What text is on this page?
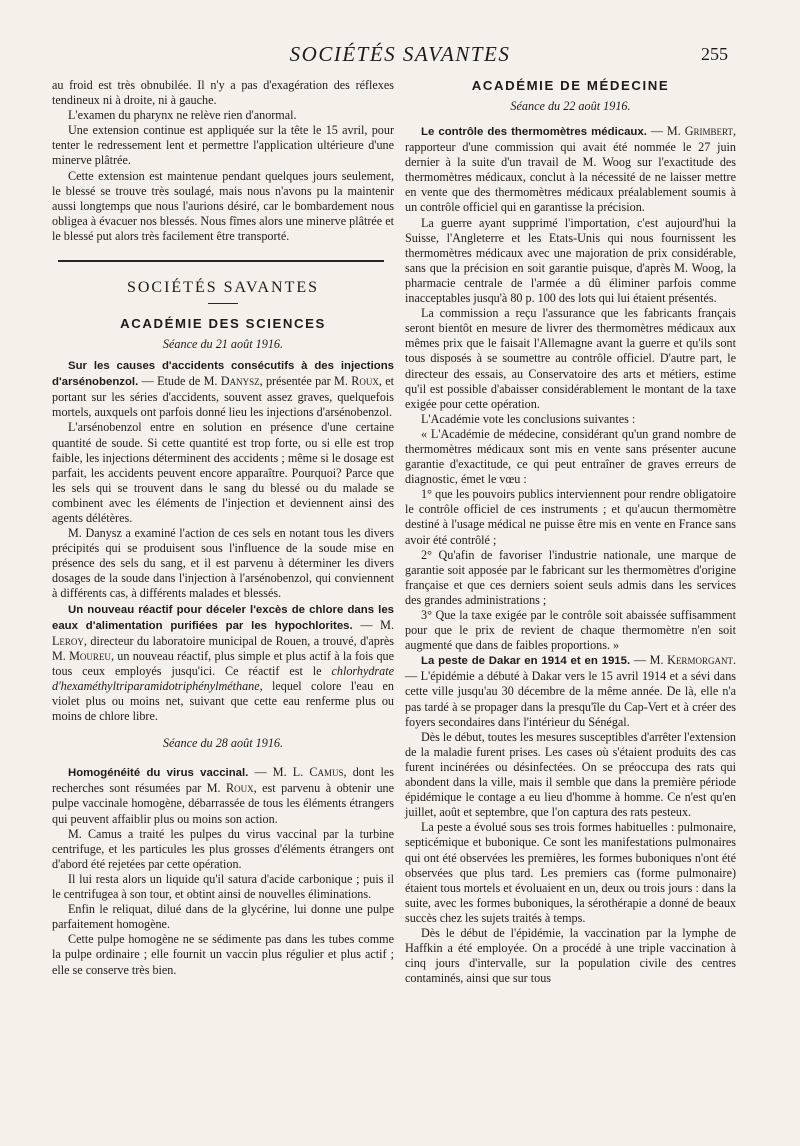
SOCIÉTÉS SAVANTES	255

au froid est très obnubilée. Il n'y a pas d'exagération des réflexes tendineux ni à droite, ni à gauche.

L'examen du pharynx ne relève rien d'anormal.

Une extension continue est appliquée sur la tête le 15 avril, pour tenter le redressement lent et permettre l'application ultérieure d'une minerve plâtrée.

Cette extension est maintenue pendant quelques jours seulement, le blessé se trouve très soulagé, mais nous n'avons pu la maintenir aussi longtemps que nous l'aurions désiré, car le bombardement nous obligea à évacuer nos blessés. Nous fîmes alors une minerve plâtrée et le blessé put alors très facilement être transporté.

SOCIÉTÉS SAVANTES
ACADÉMIE DES SCIENCES
Séance du 21 août 1916.

Sur les causes d'accidents consécutifs à des injections d'arsénobenzol. — Etude de M. Danysz, présentée par M. Roux, et portant sur les séries d'accidents, souvent assez graves, quelquefois mortels, auxquels ont parfois donné lieu les injections d'arsénobenzol.

L'arsénobenzol entre en solution en présence d'une certaine quantité de soude. Si cette quantité est trop forte, ou si elle est trop faible, les injections déterminent des accidents ; même si le dosage est parfait, les accidents peuvent encore apparaître. Pourquoi? Parce que les sels qui se trouvent dans le sang du blessé ou du malade se combinent avec les éléments de l'injection et deviennent ainsi des agents délétères.

M. Danysz a examiné l'action de ces sels en notant tous les divers précipités qui se produisent sous l'influence de la soude mise en présence des sels du sang, et il est parvenu à déterminer les divers dosages de la soude dans l'injection à l'arsénobenzol, qui conviennent à différents cas, à différents malades et blessés.

Un nouveau réactif pour déceler l'excès de chlore dans les eaux d'alimentation purifiées par les hypochlorites. — M. Leroy, directeur du laboratoire municipal de Rouen, a trouvé, d'après M. Moureu, un nouveau réactif, plus simple et plus actif à la fois que tous ceux employés jusqu'ici. Ce réactif est le chlorhydrate d'hexaméthyltriparamidotriphénylméthane, lequel colore l'eau en violet plus ou moins net, suivant que cette eau renferme plus ou moins de chlore libre.

Séance du 28 août 1916.

Homogénéité du virus vaccinal. — M. L. Camus, dont les recherches sont résumées par M. Roux, est parvenu à obtenir une pulpe vaccinale homogène, débarrassée de tous les éléments étrangers qui peuvent affaiblir plus ou moins son action.

M. Camus a traité les pulpes du virus vaccinal par la turbine centrifuge, et les particules les plus grosses d'éléments étrangers ont d'abord été rejetées par cette opération.

Il lui resta alors un liquide qu'il satura d'acide carbonique ; puis il le centrifugea à son tour, et obtint ainsi de nouvelles éliminations.

Enfin le reliquat, dilué dans de la glycérine, lui donne une pulpe parfaitement homogène.

Cette pulpe homogène ne se sédimente pas dans les tubes comme la pulpe ordinaire ; elle fournit un vaccin plus régulier et plus actif ; elle se conserve très bien.

ACADÉMIE DE MÉDECINE
Séance du 22 août 1916.

Le contrôle des thermomètres médicaux. — M. Grimbert, rapporteur d'une commission qui avait été nommée le 27 juin dernier à la suite d'un travail de M. Woog sur l'exactitude des thermomètres médicaux, conclut à la nécessité de ne laisser mettre en vente que des thermomètres médicaux préalablement soumis à un contrôle officiel qui en garantisse la précision.

La guerre ayant supprimé l'importation, c'est aujourd'hui la Suisse, l'Angleterre et les Etats-Unis qui nous fournissent les thermomètres médicaux avec une majoration de prix considérable, sans que la précision en soit garantie puisque, d'après M. Woog, la pharmacie centrale de l'armée a dû éliminer parfois comme inacceptables jusqu'à 80 p. 100 des lots qui lui étaient présentés.

La commission a reçu l'assurance que les fabricants français seront bientôt en mesure de livrer des thermomètres médicaux aux mêmes prix que le faisait l'Allemagne avant la guerre et qu'ils sont tous disposés à se soumettre au contrôle officiel. D'autre part, le directeur des essais, au Conservatoire des arts et métiers, estime qu'il est possible d'abaisser considérablement le montant de la taxe exigée pour cette opération.

L'Académie vote les conclusions suivantes :

« L'Académie de médecine, considérant qu'un grand nombre de thermomètres médicaux sont mis en vente sans présenter aucune garantie d'exactitude, ce qui peut entraîner de graves erreurs de diagnostic, émet le vœu :

1° que les pouvoirs publics interviennent pour rendre obligatoire le contrôle officiel de ces instruments ; et qu'aucun thermomètre destiné à l'usage médical ne puisse être mis en vente en France sans avoir été contrôlé ;

2° Qu'afin de favoriser l'industrie nationale, une marque de garantie soit apposée par le fabricant sur les thermomètres d'origine française et que ces derniers soient seuls admis dans les services des grandes administrations ;

3° Que la taxe exigée par le contrôle soit abaissée suffisamment pour que le prix de revient de chaque thermomètre n'en soit augmenté que dans de faibles proportions. »

La peste de Dakar en 1914 et en 1915. — M. Kermorgant. — L'épidémie a débuté à Dakar vers le 15 avril 1914 et a sévi dans cette ville jusqu'au 30 décembre de la même année. De là, elle n'a pas tardé à se propager dans la presqu'île du Cap-Vert et à créer des foyers secondaires dans l'intérieur du Sénégal.

Dès le début, toutes les mesures susceptibles d'arrêter l'extension de la maladie furent prises. Les cases où s'étaient produits des cas furent incinérées ou désinfectées. On se préoccupa des rats qui abondent dans la ville, mais il semble que dans la première période épidémique le contage a eu lieu d'homme à homme. Ce n'est qu'en juillet, août et septembre, que l'on captura des rats pesteux.

La peste a évolué sous ses trois formes habituelles : pulmonaire, septicémique et bubonique. Ce sont les manifestations pulmonaires qui ont été observées les premières, les formes buboniques n'ont été observées que plus tard. Les premiers cas (forme pulmonaire) étaient tous mortels et évoluaient en un, deux ou trois jours : dans la suite, avec les formes buboniques, la sérothérapie a donné de beaux succès chez les sujets traités à temps.

Dès le début de l'épidémie, la vaccination par la lymphe de Haffkin a été employée. On a procédé à une triple vaccination à cinq jours d'intervalle, sur la population civile des centres contaminés, ainsi que sur tous
